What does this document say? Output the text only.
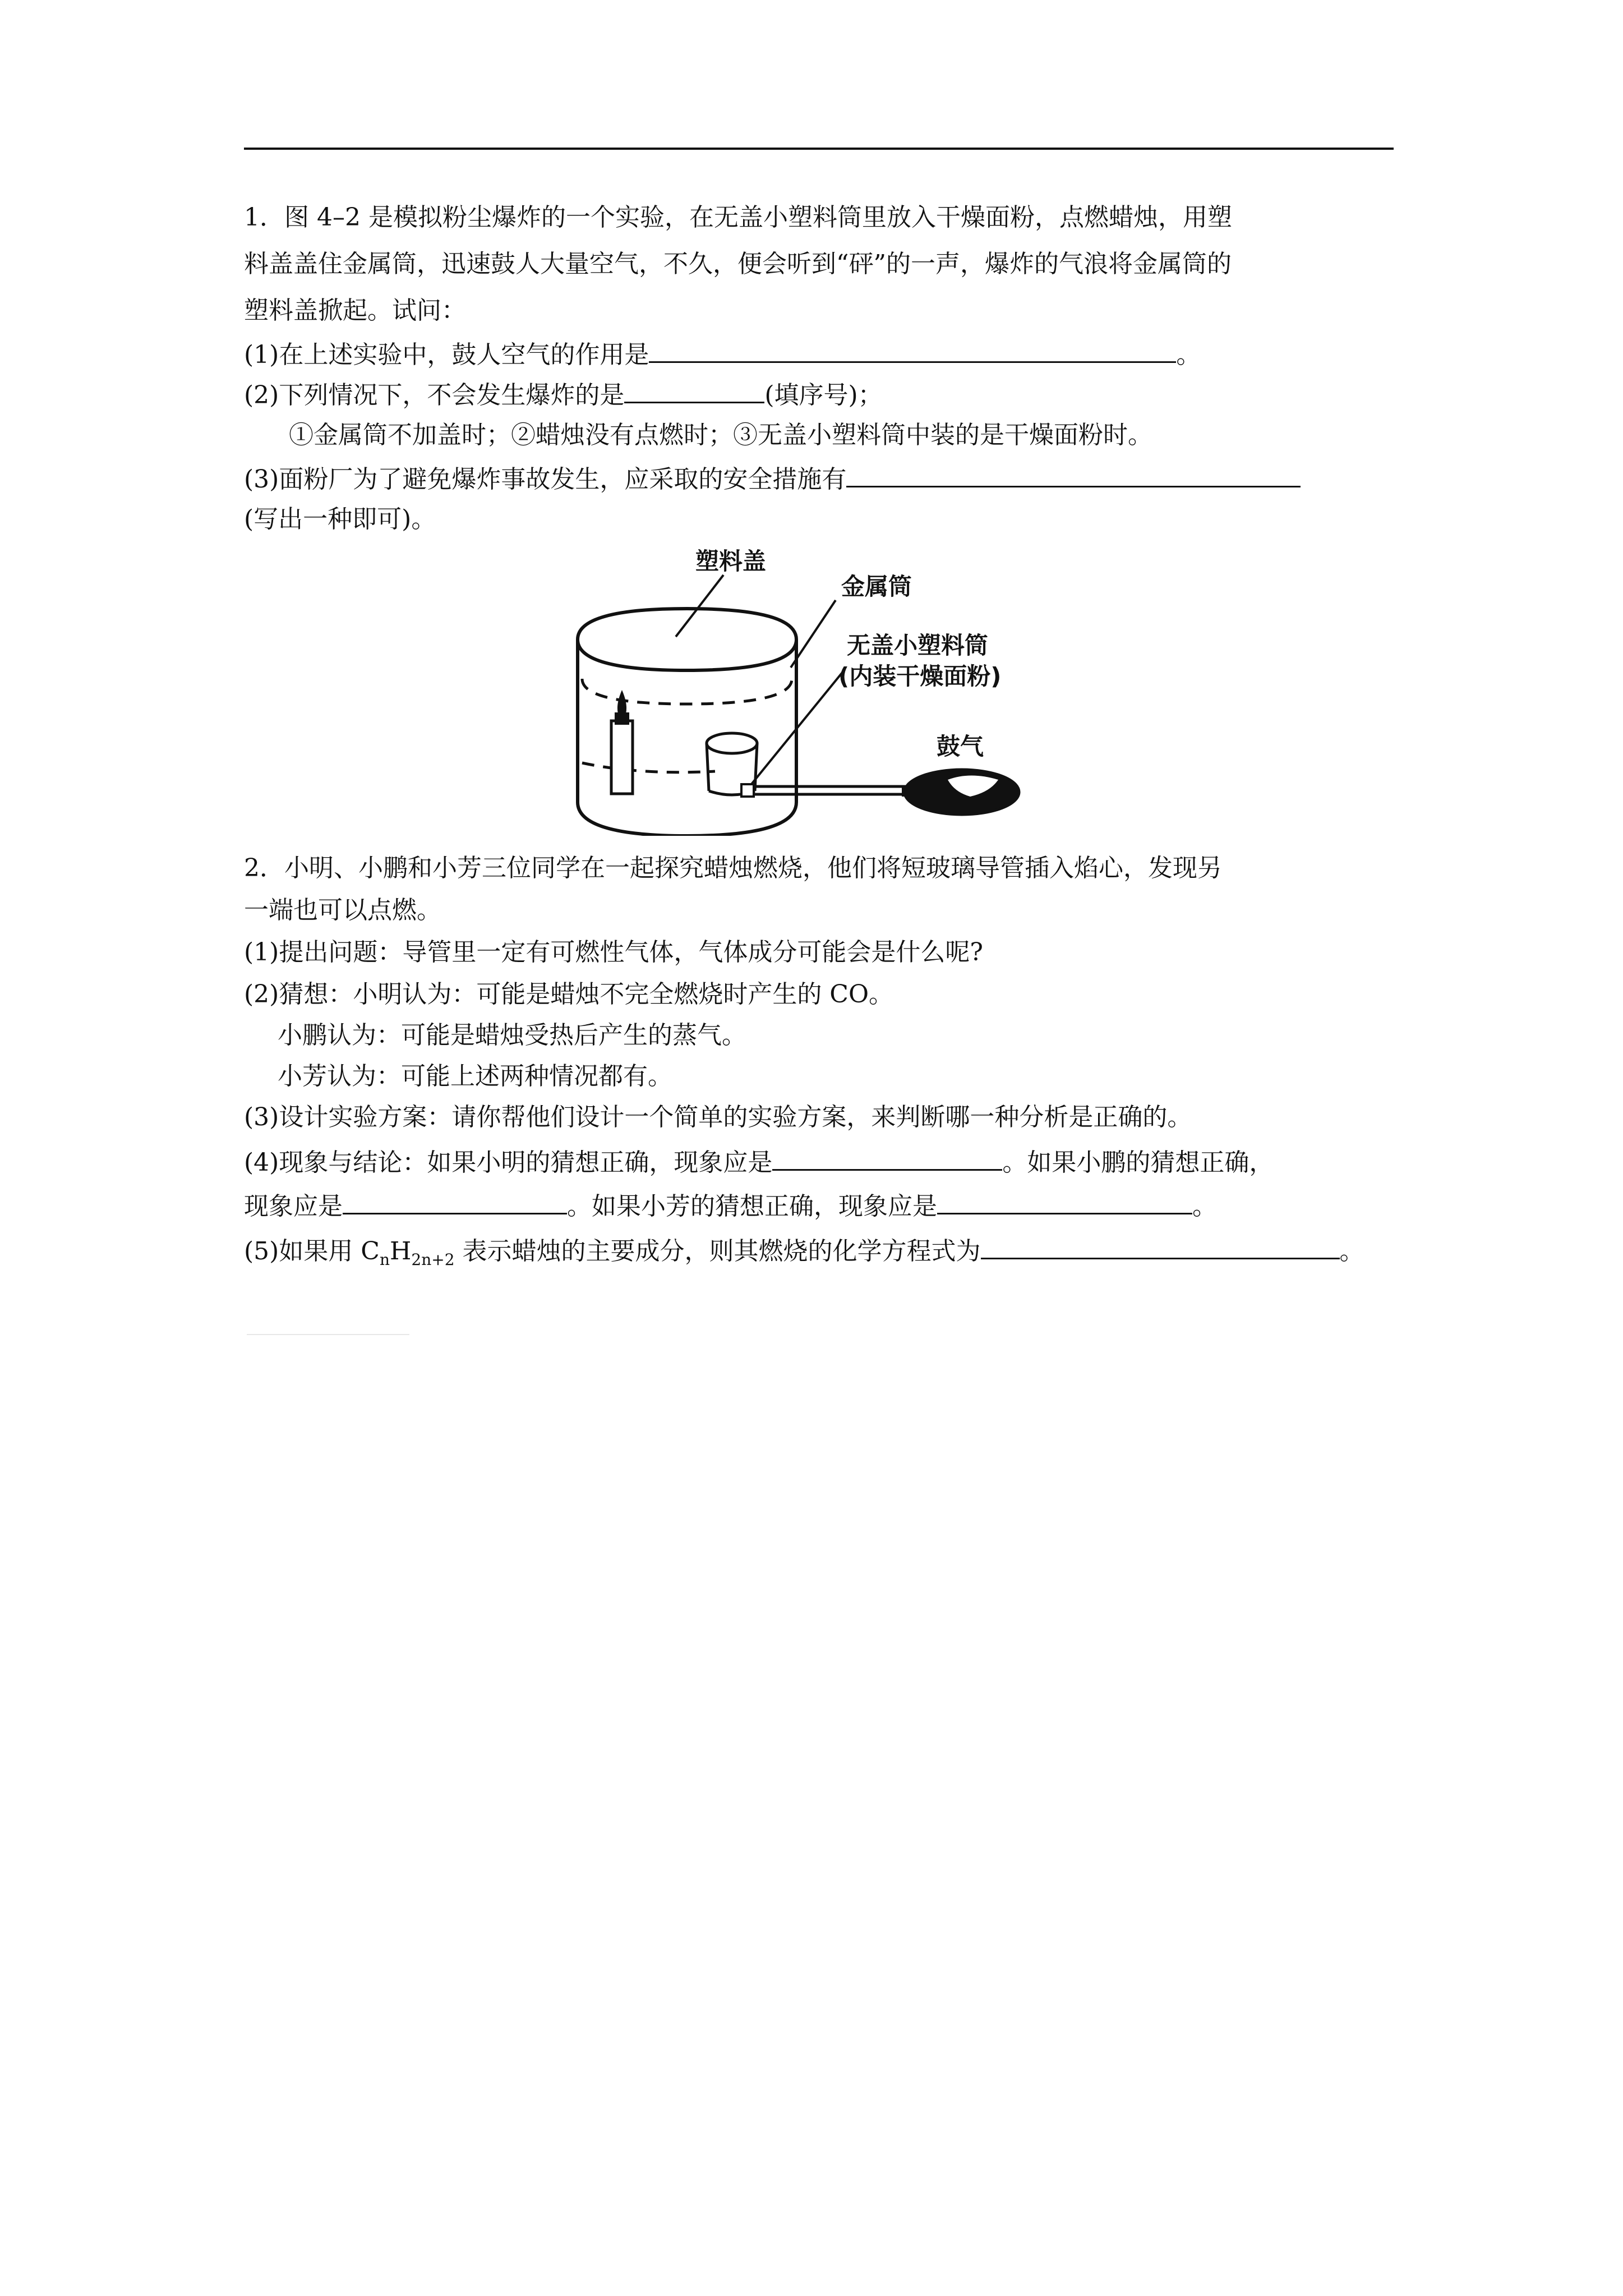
1．图 4–2 是模拟粉尘爆炸的一个实验，在无盖小塑料筒里放入干燥面粉，点燃蜡烛，用塑
料盖盖住金属筒，迅速鼓人大量空气，不久，便会听到“砰”的一声，爆炸的气浪将金属筒的
塑料盖掀起。试问：
(1)在上述实验中，鼓人空气的作用是	。
(2)下列情况下，不会发生爆炸的是	(填序号)；
①金属筒不加盖时；②蜡烛没有点燃时；③无盖小塑料筒中装的是干燥面粉时。
(3)面粉厂为了避免爆炸事故发生，应采取的安全措施有
(写出一种即可)。
塑料盖
金属筒
无盖小塑料筒
(内装干燥面粉)
鼓气
2．小明、小鹏和小芳三位同学在一起探究蜡烛燃烧，他们将短玻璃导管插入焰心，发现另
一端也可以点燃。
(1)提出问题：导管里一定有可燃性气体，气体成分可能会是什么呢?
(2)猜想：小明认为：可能是蜡烛不完全燃烧时产生的 CO。
小鹏认为：可能是蜡烛受热后产生的蒸气。
小芳认为：可能上述两种情况都有。
(3)设计实验方案：请你帮他们设计一个简单的实验方案，来判断哪一种分析是正确的。
(4)现象与结论：如果小明的猜想正确，现象应是	。如果小鹏的猜想正确，
现象应是	。如果小芳的猜想正确，现象应是	。
(5)如果用 $C_nH_{2n+2}$ 表示蜡烛的主要成分，则其燃烧的化学方程式为	。
